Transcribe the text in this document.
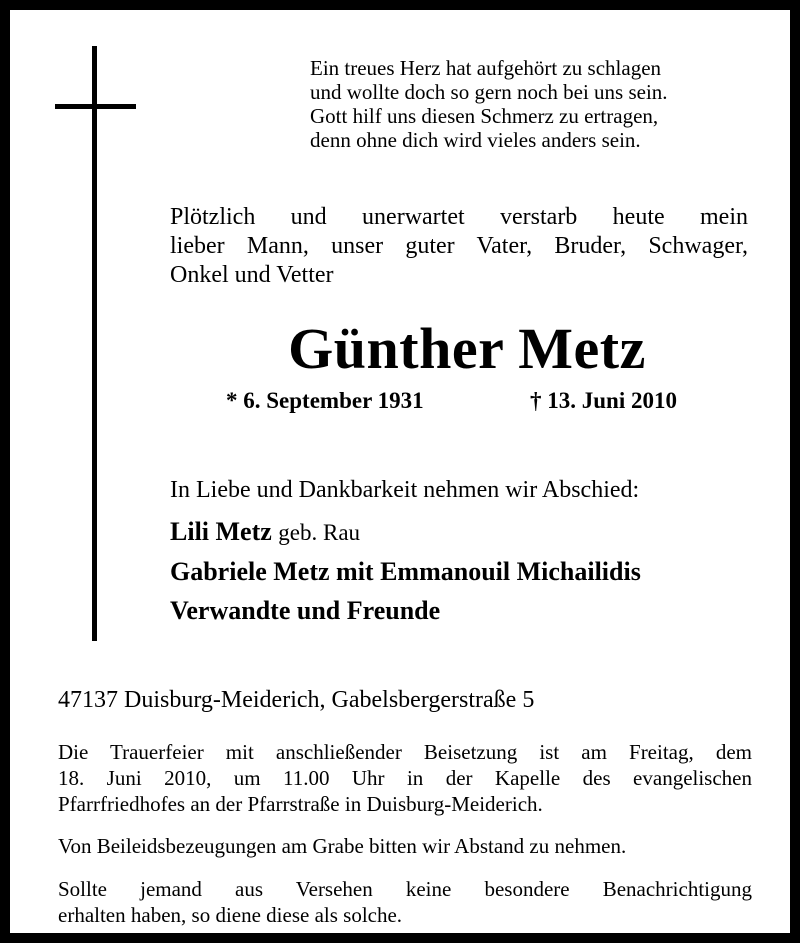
Ein treues Herz hat aufgehört zu schlagen
und wollte doch so gern noch bei uns sein.
Gott hilf uns diesen Schmerz zu ertragen,
denn ohne dich wird vieles anders sein.
Plötzlich und unerwartet verstarb heute mein
lieber Mann, unser guter Vater, Bruder, Schwager,
Onkel und Vetter
Günther Metz
* 6. September 1931	† 13. Juni 2010
In Liebe und Dankbarkeit nehmen wir Abschied:
Lili Metz geb. Rau
Gabriele Metz mit Emmanouil Michailidis
Verwandte und Freunde
47137 Duisburg-Meiderich, Gabelsbergerstraße 5
Die Trauerfeier mit anschließender Beisetzung ist am Freitag, dem
18. Juni 2010, um 11.00 Uhr in der Kapelle des evangelischen
Pfarrfriedhofes an der Pfarrstraße in Duisburg-Meiderich.
Von Beileidsbezeugungen am Grabe bitten wir Abstand zu nehmen.
Sollte jemand aus Versehen keine besondere Benachrichtigung
erhalten haben, so diene diese als solche.
